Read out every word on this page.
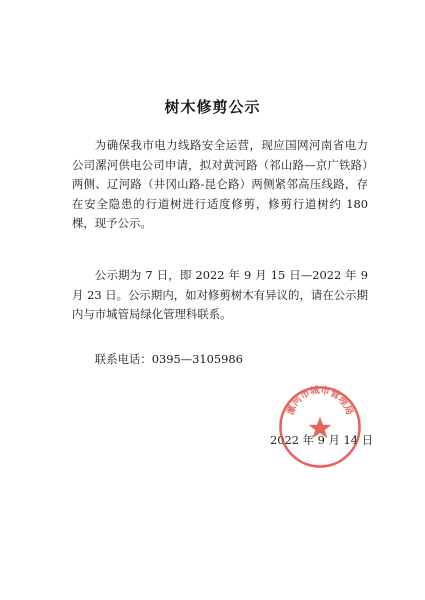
树木修剪公示

为确保我市电力线路安全运营，现应国网河南省电力公司漯河供电公司申请，拟对黄河路（祁山路—京广铁路）两侧、辽河路（井冈山路-昆仑路）两侧紧邻高压线路，存在安全隐患的行道树进行适度修剪，修剪行道树约 180 棵，现予公示。

公示期为 7 日，即 2022 年 9 月 15 日—2022 年 9 月 23 日。公示期内，如对修剪树木有异议的，请在公示期内与市城管局绿化管理科联系。

联系电话：0395—3105986

2022 年 9 月 14 日
漯河市城市管理局
